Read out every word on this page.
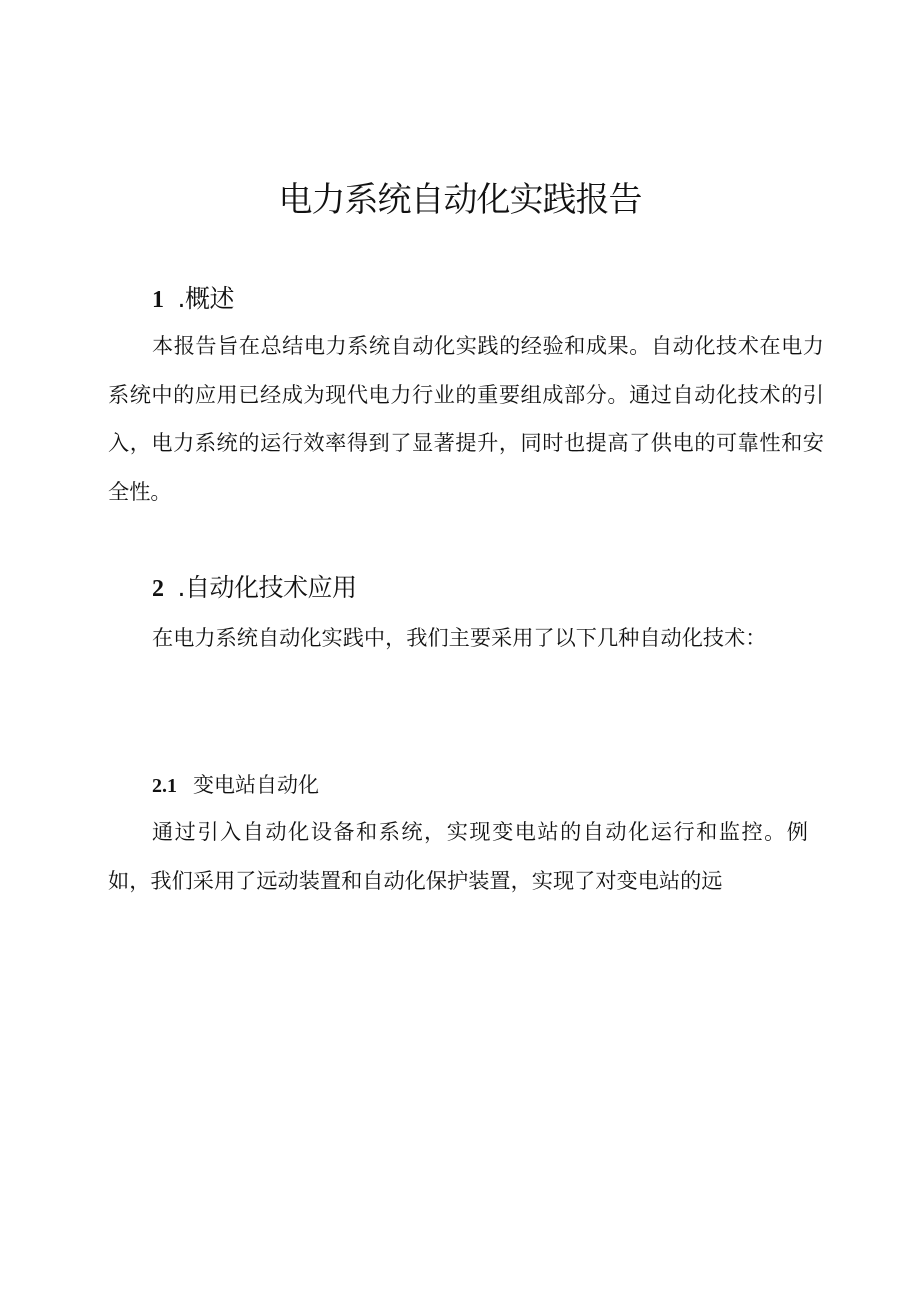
电力系统自动化实践报告
1 .概述

本报告旨在总结电力系统自动化实践的经验和成果。自动化技术在电力系统中的应用已经成为现代电力行业的重要组成部分。通过自动化技术的引入，电力系统的运行效率得到了显著提升，同时也提高了供电的可靠性和安全性。

2 .自动化技术应用

在电力系统自动化实践中，我们主要采用了以下几种自动化技术：

2.1 变电站自动化

通过引入自动化设备和系统，实现变电站的自动化运行和监控。例如，我们采用了远动装置和自动化保护装置，实现了对变电站的远
